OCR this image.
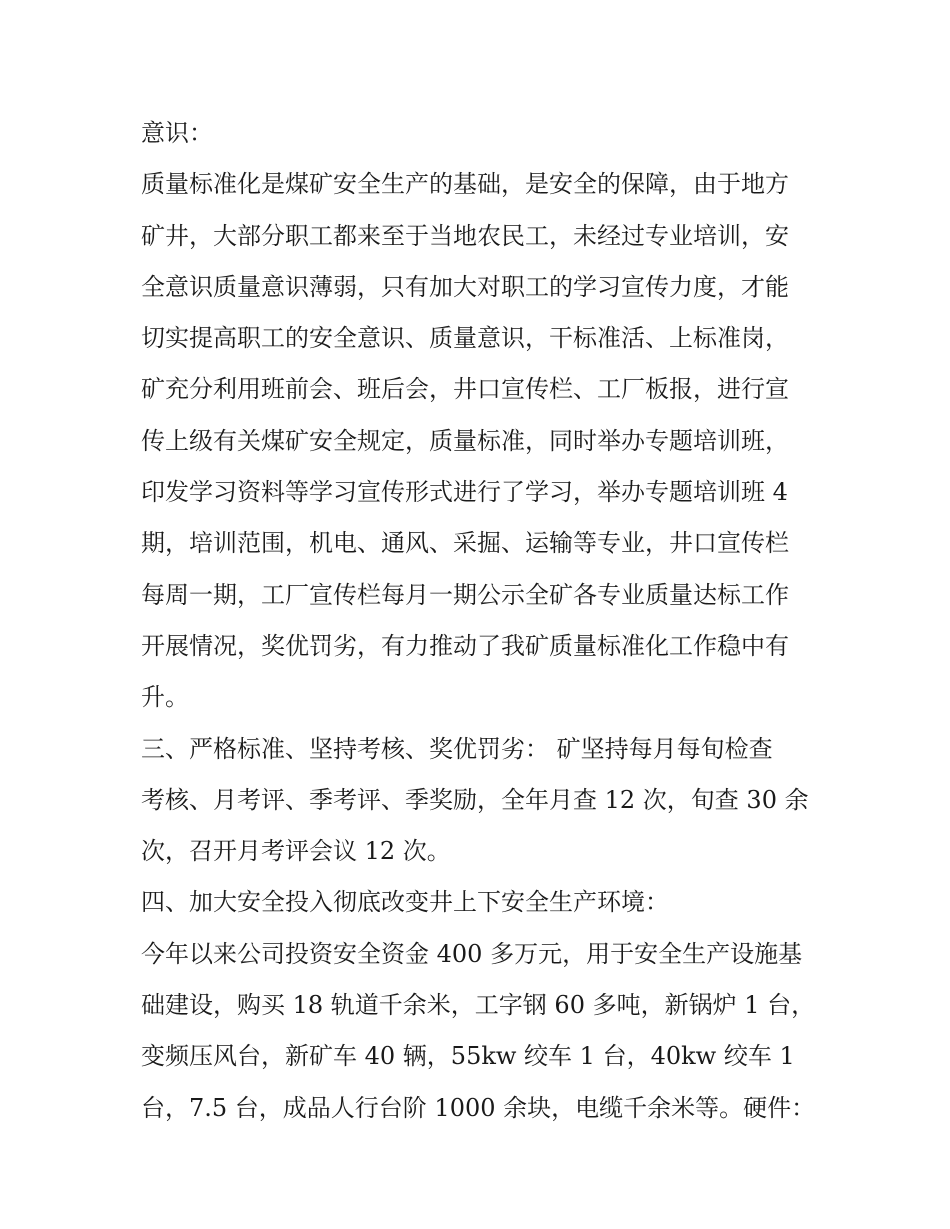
意识：
质量标准化是煤矿安全生产的基础，是安全的保障，由于地方
矿井，大部分职工都来至于当地农民工，未经过专业培训，安
全意识质量意识薄弱，只有加大对职工的学习宣传力度，才能
切实提高职工的安全意识、质量意识，干标准活、上标准岗，
矿充分利用班前会、班后会，井口宣传栏、工厂板报，进行宣
传上级有关煤矿安全规定，质量标准，同时举办专题培训班，
印发学习资料等学习宣传形式进行了学习，举办专题培训班 4
期，培训范围，机电、通风、采掘、运输等专业，井口宣传栏
每周一期，工厂宣传栏每月一期公示全矿各专业质量达标工作
开展情况，奖优罚劣，有力推动了我矿质量标准化工作稳中有
升。
三、严格标准、坚持考核、奖优罚劣： 矿坚持每月每旬检查
考核、月考评、季考评、季奖励，全年月查 12 次，旬查 30 余
次，召开月考评会议 12 次。
四、加大安全投入彻底改变井上下安全生产环境：
今年以来公司投资安全资金 400 多万元，用于安全生产设施基
础建设，购买 18 轨道千余米，工字钢 60 多吨，新锅炉 1 台，
变频压风台，新矿车 40 辆，55kw 绞车 1 台，40kw 绞车 1
台，7.5 台，成品人行台阶 1000 余块，电缆千余米等。硬件：
